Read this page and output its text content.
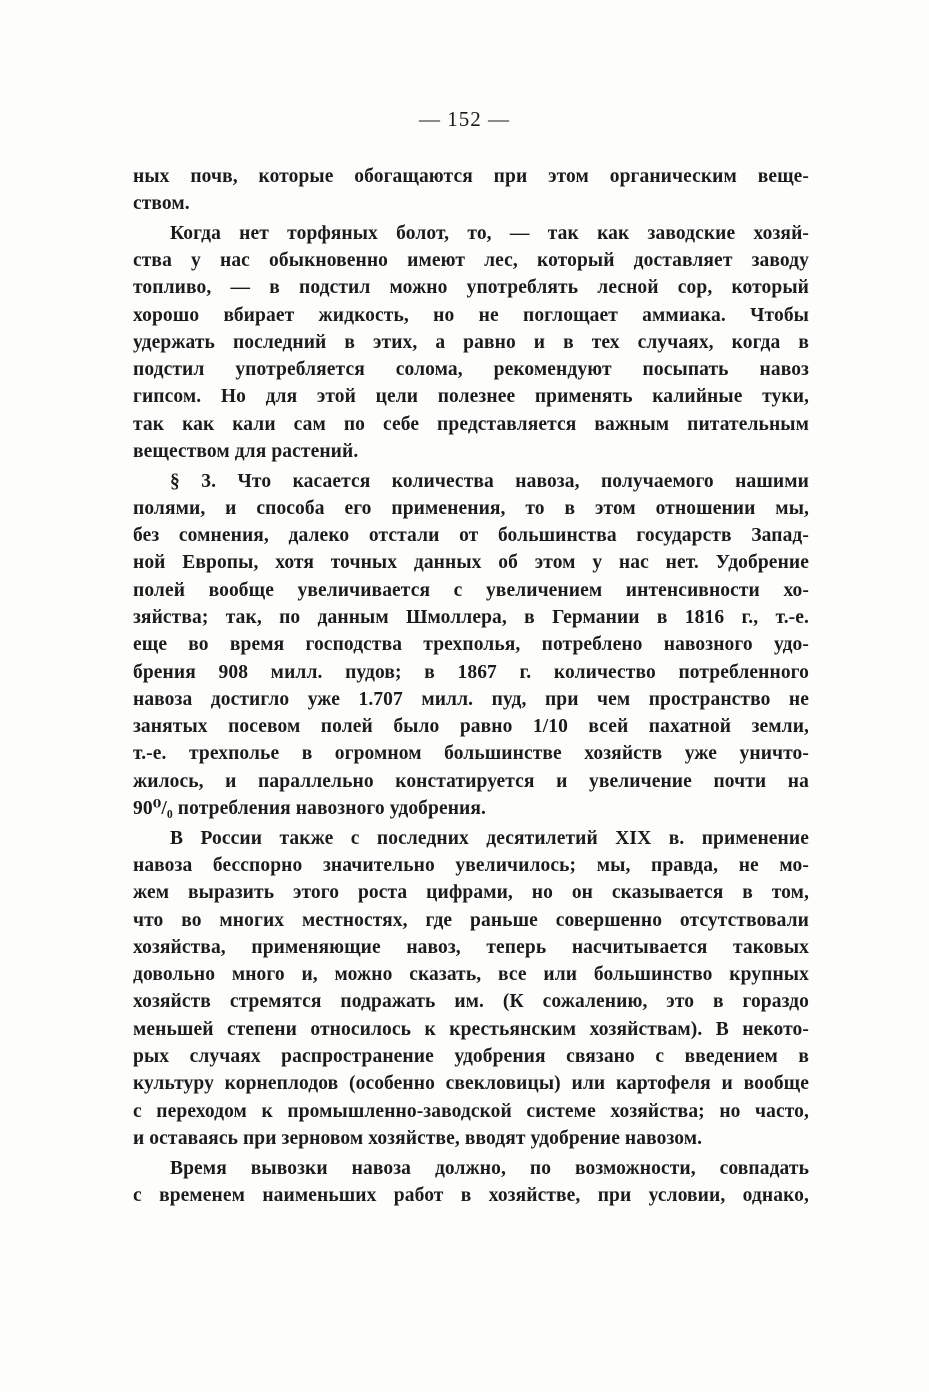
— 152 —
ных почв, которые обогащаются при этом органическим веще-
ством.
Когда нет торфяных болот, то, — так как заводские хозяй-
ства у нас обыкновенно имеют лес, который доставляет заводу
топливо, — в подстил можно употреблять лесной сор, который
хорошо вбирает жидкость, но не поглощает аммиака. Чтобы
удержать последний в этих, а равно и в тех случаях, когда в
подстил употребляется солома, рекомендуют посыпать навоз
гипсом. Но для этой цели полезнее применять калийные туки,
так как кали сам по себе представляется важным питательным
веществом для растений.
§ 3. Что касается количества навоза, получаемого нашими
полями, и способа его применения, то в этом отношении мы,
без сомнения, далеко отстали от большинства государств Запад-
ной Европы, хотя точных данных об этом у нас нет. Удобрение
полей вообще увеличивается с увеличением интенсивности хо-
зяйства; так, по данным Шмоллера, в Германии в 1816 г., т.-е.
еще во время господства трехполья, потреблено навозного удо-
брения 908 милл. пудов; в 1867 г. количество потребленного
навоза достигло уже 1.707 милл. пуд, при чем пространство не
занятых посевом полей было равно 1/10 всей пахатной земли,
т.-е. трехполье в огромном большинстве хозяйств уже уничто-
жилось, и параллельно констатируется и увеличение почти на
90⁰/₀ потребления навозного удобрения.
В России также с последних десятилетий XIX в. применение
навоза бесспорно значительно увеличилось; мы, правда, не мо-
жем выразить этого роста цифрами, но он сказывается в том,
что во многих местностях, где раньше совершенно отсутствовали
хозяйства, применяющие навоз, теперь насчитывается таковых
довольно много и, можно сказать, все или большинство крупных
хозяйств стремятся подражать им. (К сожалению, это в гораздо
меньшей степени относилось к крестьянским хозяйствам). В некото-
рых случаях распространение удобрения связано с введением в
культуру корнеплодов (особенно свекловицы) или картофеля и вообще
с переходом к промышленно-заводской системе хозяйства; но часто,
и оставаясь при зерновом хозяйстве, вводят удобрение навозом.
Время вывозки навоза должно, по возможности, совпадать
с временем наименьших работ в хозяйстве, при условии, однако,
